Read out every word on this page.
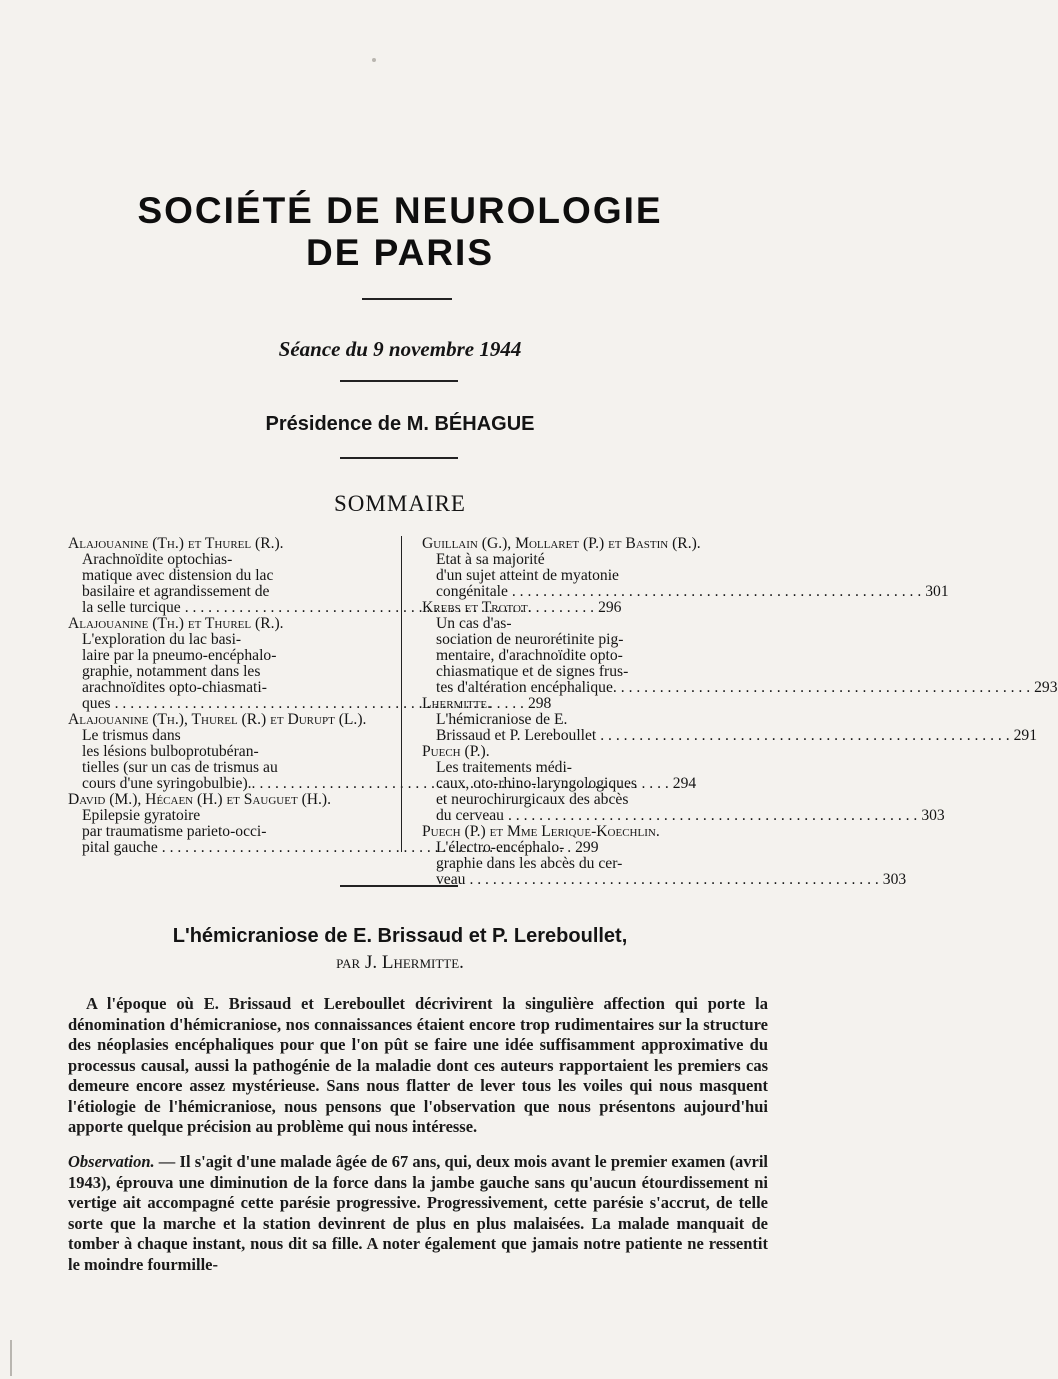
SOCIÉTÉ DE NEUROLOGIE
DE PARIS
Séance du 9 novembre 1944
Présidence de M. BÉHAGUE
SOMMAIRE
Alajouanine (Th.) et Thurel (R.).
Arachnoïdite optochias-
matique avec distension du lac
basilaire et agrandissement de
la selle turcique . . .	296
Alajouanine (Th.) et Thurel (R.).
L'exploration du lac basi-
laire par la pneumo-encéphalo-
graphie, notamment dans les
arachnoïdites opto-chiasmati-
ques . . .	298
Alajouanine (Th.), Thurel (R.) et Durupt (L.).
Le trismus dans
les lésions bulboprotubéran-
tielles (sur un cas de trismus au
cours d'une syringobulbie).. . . .	294
David (M.), Hécaen (H.) et Sauguet (H.).
Epilepsie gyratoire
par traumatisme parieto-occi-
pital gauche . . .	299
Guillain (G.), Mollaret (P.) et Bastin (R.).
Etat à sa majorité
d'un sujet atteint de myatonie
congénitale . . .	301
Krebs et Trotot.
Un cas d'as-
sociation de neurorétinite pig-
mentaire, d'arachnoïdite opto-
chiasmatique et de signes frus-
tes d'altération encéphalique. . . .	293
Lhermitte.
L'hémicraniose de E.
Brissaud et P. Lereboullet . . .	291
Puech (P.).
Les traitements médi-
caux, oto-rhino-laryngologiques
et neurochirurgicaux des abcès
du cerveau . . .	303
Puech (P.) et Mme Lerique-Koechlin.
L'électro-encéphalo-
graphie dans les abcès du cer-
veau . . .	303
L'hémicraniose de E. Brissaud et P. Lereboullet,
par J. Lhermitte.
A l'époque où E. Brissaud et Lereboullet décrivirent la singulière affection qui porte la dénomination d'hémicraniose, nos connaissances étaient encore trop rudimentaires sur la structure des néoplasies encéphaliques pour que l'on pût se faire une idée suffisamment approximative du processus causal, aussi la pathogénie de la maladie dont ces auteurs rapportaient les premiers cas demeure encore assez mystérieuse. Sans nous flatter de lever tous les voiles qui nous masquent l'étiologie de l'hémicraniose, nous pensons que l'observation que nous présentons aujourd'hui apporte quelque précision au problème qui nous intéresse.
Observation. — Il s'agit d'une malade âgée de 67 ans, qui, deux mois avant le premier examen (avril 1943), éprouva une diminution de la force dans la jambe gauche sans qu'aucun étourdissement ni vertige ait accompagné cette parésie progressive. Progressivement, cette parésie s'accrut, de telle sorte que la marche et la station devinrent de plus en plus malaisées. La malade manquait de tomber à chaque instant, nous dit sa fille. A noter également que jamais notre patiente ne ressentit le moindre fourmille-
